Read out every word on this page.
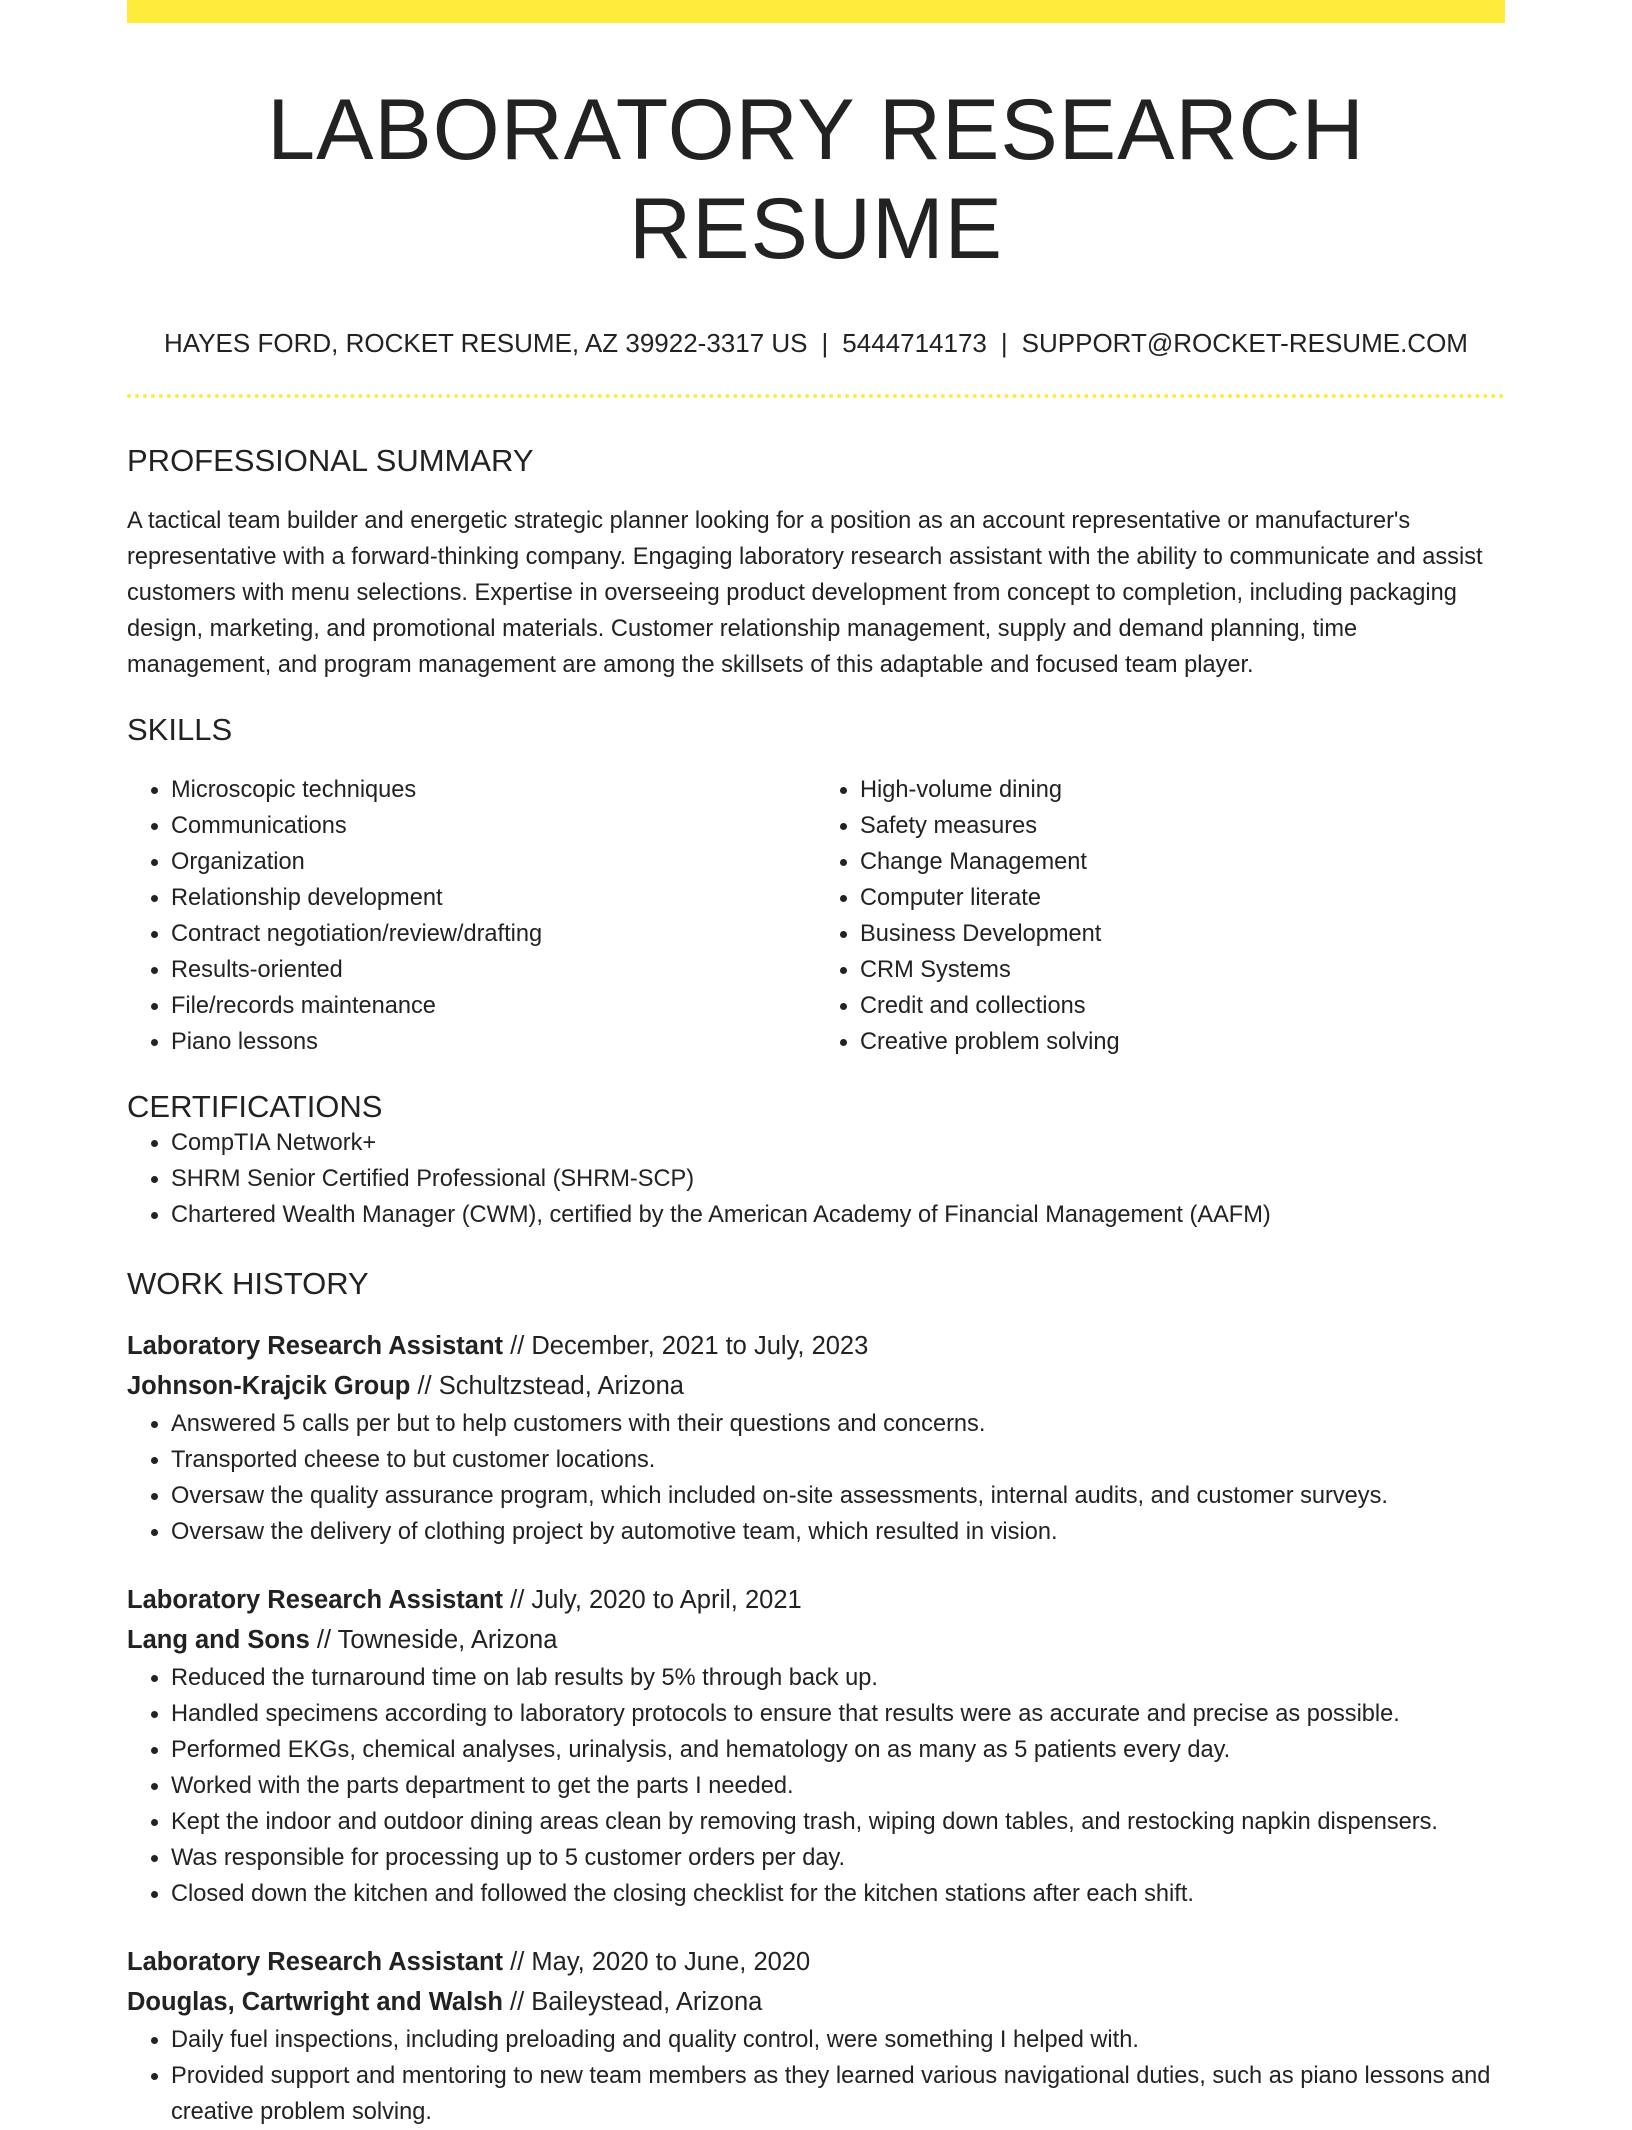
LABORATORY RESEARCH RESUME
HAYES FORD, ROCKET RESUME, AZ 39922-3317 US | 5444714173 | SUPPORT@ROCKET-RESUME.COM
PROFESSIONAL SUMMARY

A tactical team builder and energetic strategic planner looking for a position as an account representative or manufacturer's representative with a forward-thinking company. Engaging laboratory research assistant with the ability to communicate and assist customers with menu selections. Expertise in overseeing product development from concept to completion, including packaging design, marketing, and promotional materials. Customer relationship management, supply and demand planning, time management, and program management are among the skillsets of this adaptable and focused team player.

SKILLS
• Microscopic techniques
• Communications
• Organization
• Relationship development
• Contract negotiation/review/drafting
• Results-oriented
• File/records maintenance
• Piano lessons
• High-volume dining
• Safety measures
• Change Management
• Computer literate
• Business Development
• CRM Systems
• Credit and collections
• Creative problem solving
CERTIFICATIONS
• CompTIA Network+
• SHRM Senior Certified Professional (SHRM-SCP)
• Chartered Wealth Manager (CWM), certified by the American Academy of Financial Management (AAFM)
WORK HISTORY
Laboratory Research Assistant // December, 2021 to July, 2023
Johnson-Krajcik Group // Schultzstead, Arizona
• Answered 5 calls per but to help customers with their questions and concerns.
• Transported cheese to but customer locations.
• Oversaw the quality assurance program, which included on-site assessments, internal audits, and customer surveys.
• Oversaw the delivery of clothing project by automotive team, which resulted in vision.
Laboratory Research Assistant // July, 2020 to April, 2021
Lang and Sons // Towneside, Arizona
• Reduced the turnaround time on lab results by 5% through back up.
• Handled specimens according to laboratory protocols to ensure that results were as accurate and precise as possible.
• Performed EKGs, chemical analyses, urinalysis, and hematology on as many as 5 patients every day.
• Worked with the parts department to get the parts I needed.
• Kept the indoor and outdoor dining areas clean by removing trash, wiping down tables, and restocking napkin dispensers.
• Was responsible for processing up to 5 customer orders per day.
• Closed down the kitchen and followed the closing checklist for the kitchen stations after each shift.
Laboratory Research Assistant // May, 2020 to June, 2020
Douglas, Cartwright and Walsh // Baileystead, Arizona
• Daily fuel inspections, including preloading and quality control, were something I helped with.
• Provided support and mentoring to new team members as they learned various navigational duties, such as piano lessons and creative problem solving.
